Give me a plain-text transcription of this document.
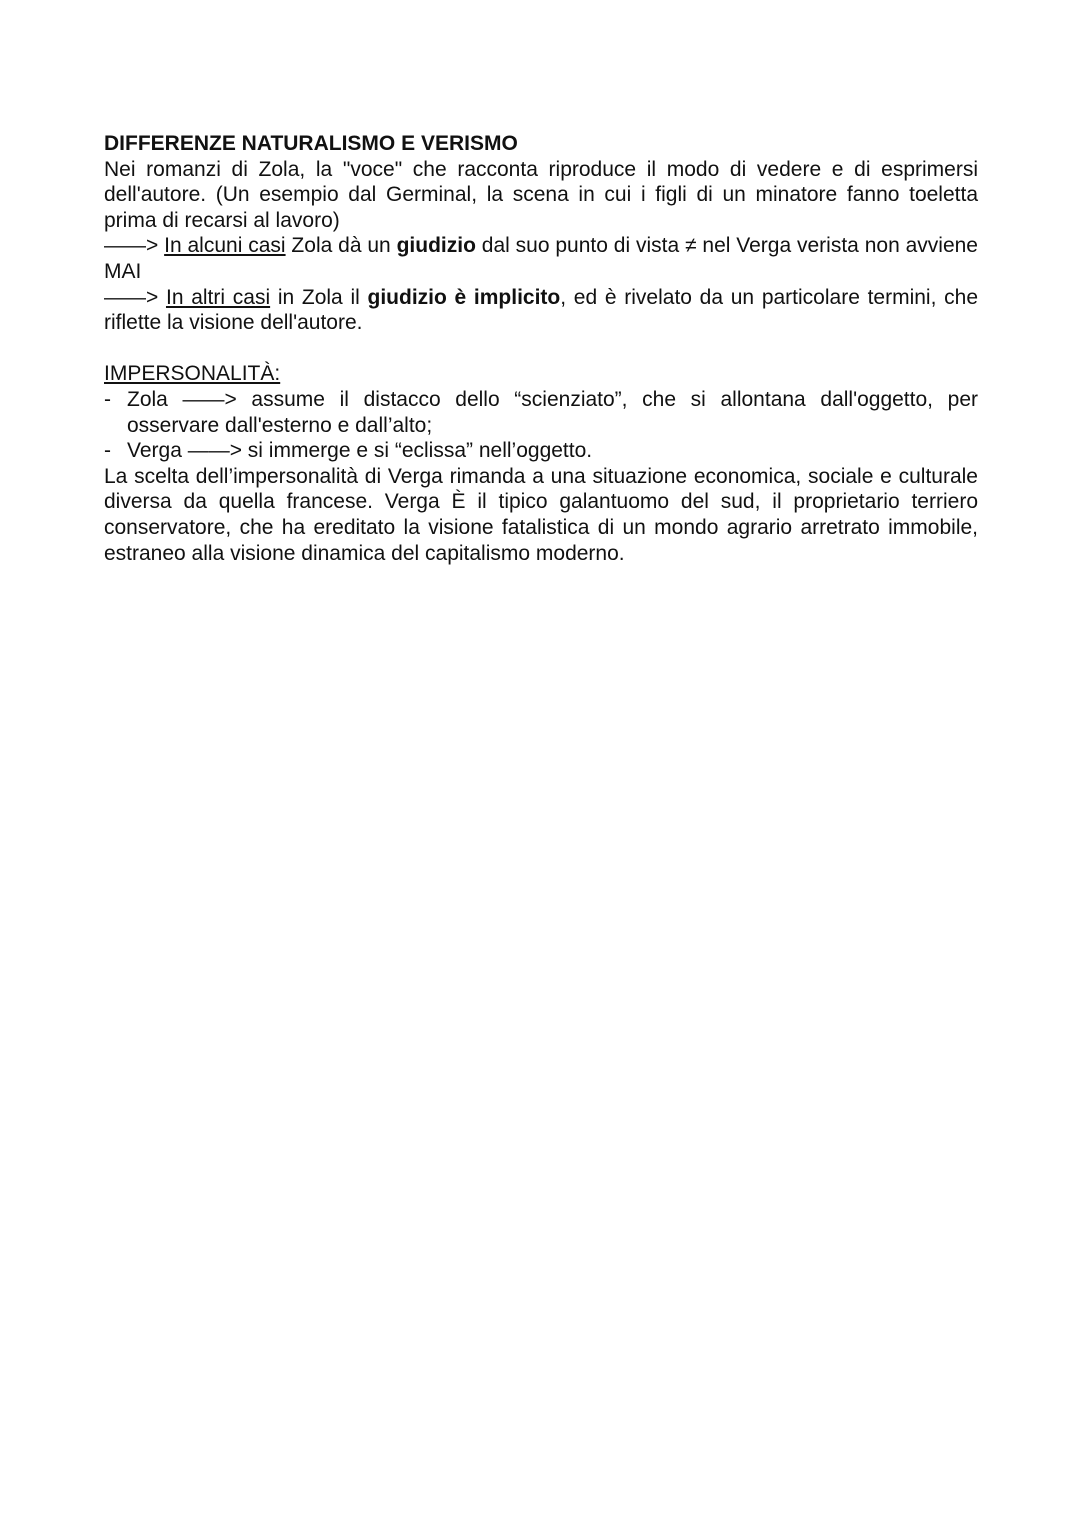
DIFFERENZE NATURALISMO E VERISMO

Nei romanzi di Zola, la "voce" che racconta riproduce il modo di vedere e di esprimersi dell'autore. (Un esempio dal Germinal, la scena in cui i figli di un minatore fanno toeletta prima di recarsi al lavoro)

——> In alcuni casi Zola dà un giudizio dal suo punto di vista ≠ nel Verga verista non avviene MAI

——> In altri casi in Zola il giudizio è implicito, ed è rivelato da un particolare termini, che riflette la visione dell'autore.

IMPERSONALITÀ:

- Zola ——> assume il distacco dello “scienziato”, che si allontana dall'oggetto, per osservare dall'esterno e dall’alto;
- Verga ——> si immerge e si “eclissa” nell’oggetto.

La scelta dell’impersonalità di Verga rimanda a una situazione economica, sociale e culturale diversa da quella francese. Verga È il tipico galantuomo del sud, il proprietario terriero conservatore, che ha ereditato la visione fatalistica di un mondo agrario arretrato immobile, estraneo alla visione dinamica del capitalismo moderno.
